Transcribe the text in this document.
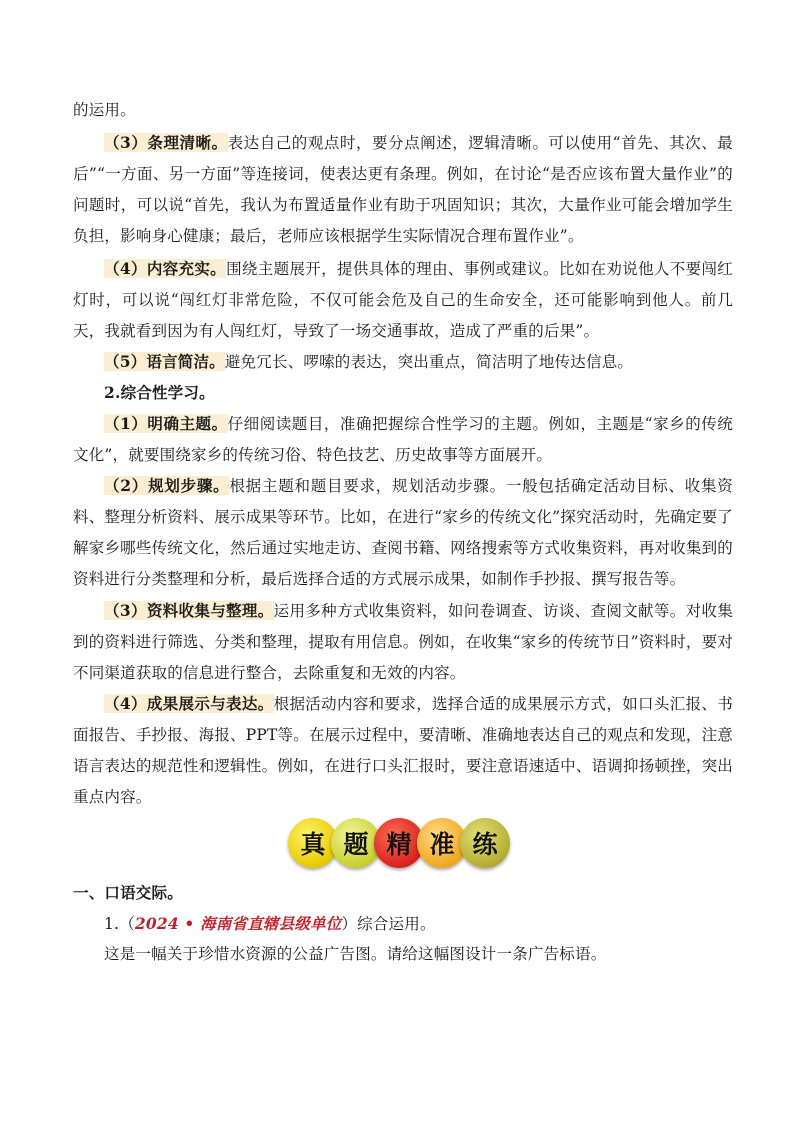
的运用。

（3）条理清晰。表达自己的观点时，要分点阐述，逻辑清晰。可以使用“首先、其次、最后”“一方面、另一方面”等连接词，使表达更有条理。例如，在讨论“是否应该布置大量作业”的问题时，可以说“首先，我认为布置适量作业有助于巩固知识；其次，大量作业可能会增加学生负担，影响身心健康；最后，老师应该根据学生实际情况合理布置作业”。

（4）内容充实。围绕主题展开，提供具体的理由、事例或建议。比如在劝说他人不要闯红灯时，可以说“闯红灯非常危险，不仅可能会危及自己的生命安全，还可能影响到他人。前几天，我就看到因为有人闯红灯，导致了一场交通事故，造成了严重的后果”。

（5）语言简洁。避免冗长、啰嗦的表达，突出重点，简洁明了地传达信息。

2.综合性学习。

（1）明确主题。仔细阅读题目，准确把握综合性学习的主题。例如，主题是“家乡的传统文化”，就要围绕家乡的传统习俗、特色技艺、历史故事等方面展开。

（2）规划步骤。根据主题和题目要求，规划活动步骤。一般包括确定活动目标、收集资料、整理分析资料、展示成果等环节。比如，在进行“家乡的传统文化”探究活动时，先确定要了解家乡哪些传统文化，然后通过实地走访、查阅书籍、网络搜索等方式收集资料，再对收集到的资料进行分类整理和分析，最后选择合适的方式展示成果，如制作手抄报、撰写报告等。

（3）资料收集与整理。运用多种方式收集资料，如问卷调查、访谈、查阅文献等。对收集到的资料进行筛选、分类和整理，提取有用信息。例如，在收集“家乡的传统节日”资料时，要对不同渠道获取的信息进行整合，去除重复和无效的内容。

（4）成果展示与表达。根据活动内容和要求，选择合适的成果展示方式，如口头汇报、书面报告、手抄报、海报、PPT等。在展示过程中，要清晰、准确地表达自己的观点和发现，注意语言表达的规范性和逻辑性。例如，在进行口头汇报时，要注意语速适中、语调抑扬顿挫，突出重点内容。

真 题 精 准 练

一、口语交际。

1.（2024 • 海南省直辖县级单位）综合运用。

这是一幅关于珍惜水资源的公益广告图。请给这幅图设计一条广告标语。
